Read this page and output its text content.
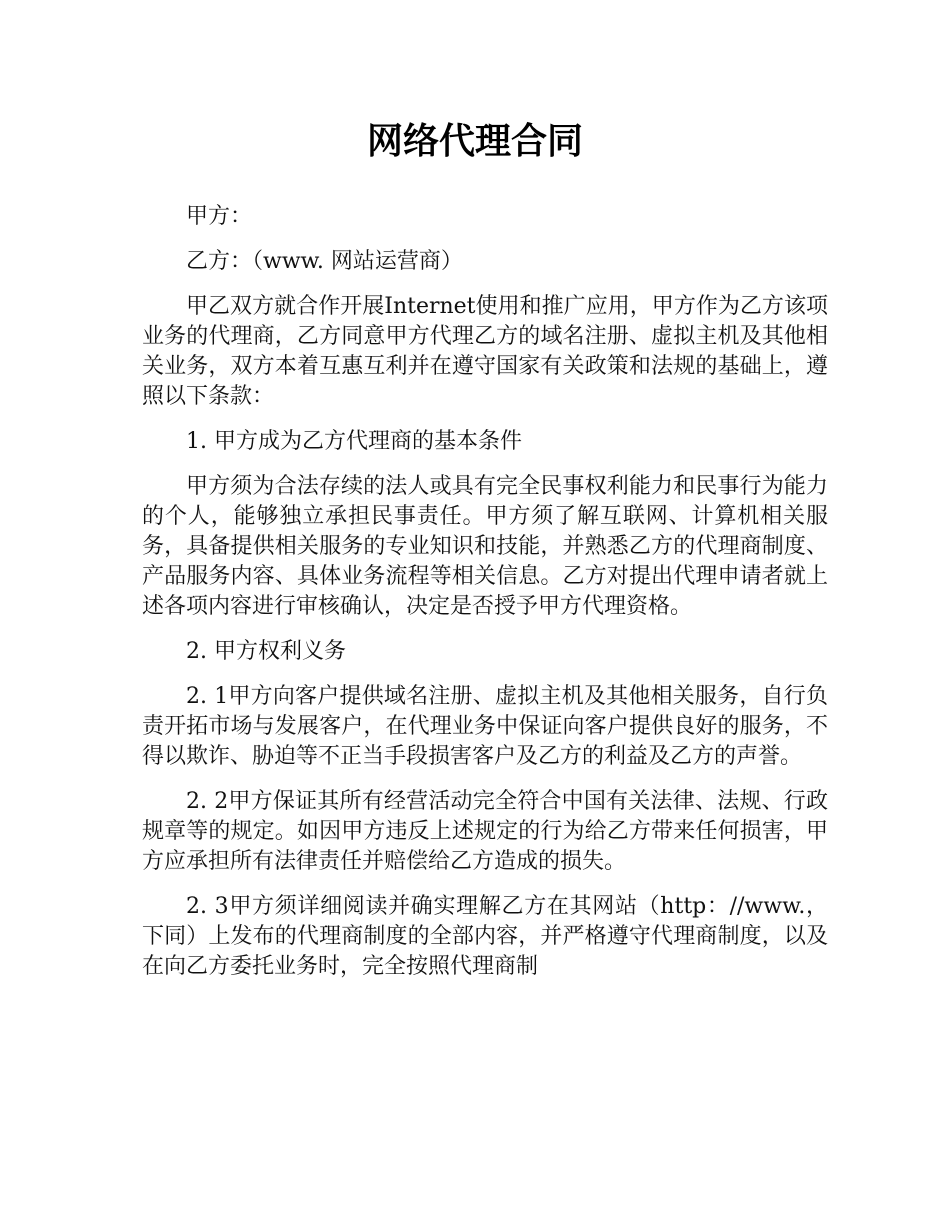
网络代理合同

甲方：

乙方：（www. 网站运营商）

甲乙双方就合作开展Internet使用和推广应用，甲方作为乙方该项业务的代理商，乙方同意甲方代理乙方的域名注册、虚拟主机及其他相关业务，双方本着互惠互利并在遵守国家有关政策和法规的基础上，遵照以下条款：

1. 甲方成为乙方代理商的基本条件

甲方须为合法存续的法人或具有完全民事权利能力和民事行为能力的个人，能够独立承担民事责任。甲方须了解互联网、计算机相关服务，具备提供相关服务的专业知识和技能，并熟悉乙方的代理商制度、产品服务内容、具体业务流程等相关信息。乙方对提出代理申请者就上述各项内容进行审核确认，决定是否授予甲方代理资格。

2. 甲方权利义务

2. 1甲方向客户提供域名注册、虚拟主机及其他相关服务，自行负责开拓市场与发展客户，在代理业务中保证向客户提供良好的服务，不得以欺诈、胁迫等不正当手段损害客户及乙方的利益及乙方的声誉。

2. 2甲方保证其所有经营活动完全符合中国有关法律、法规、行政规章等的规定。如因甲方违反上述规定的行为给乙方带来任何损害，甲方应承担所有法律责任并赔偿给乙方造成的损失。

2. 3甲方须详细阅读并确实理解乙方在其网站（http：//www.，下同）上发布的代理商制度的全部内容，并严格遵守代理商制度，以及在向乙方委托业务时，完全按照代理商制
